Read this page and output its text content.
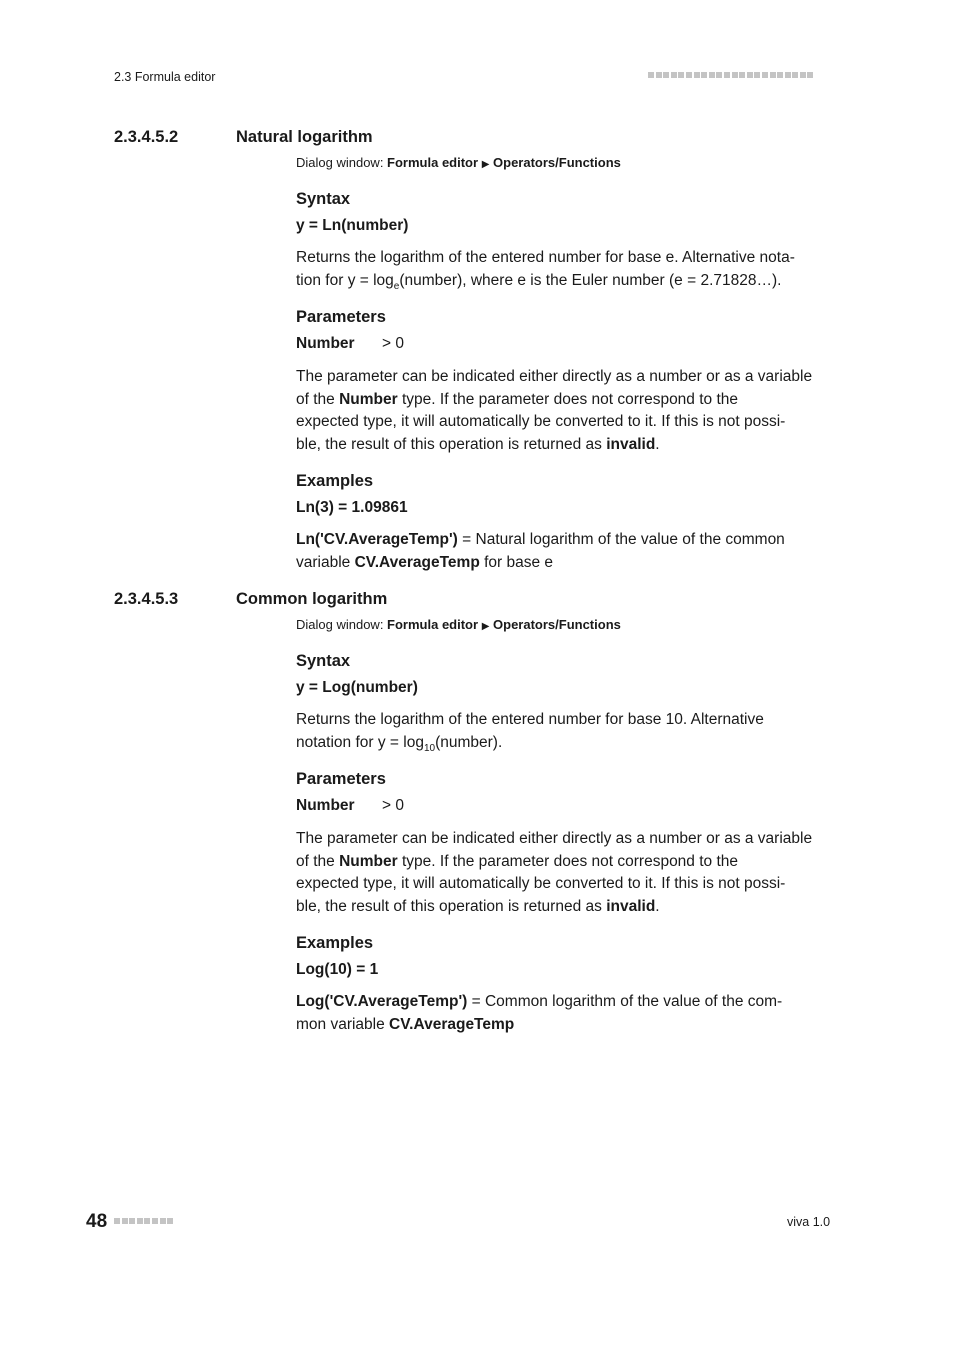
2.3 Formula editor
2.3.4.5.2	Natural logarithm
Dialog window: Formula editor ▶ Operators/Functions
Syntax
y = Ln(number)
Returns the logarithm of the entered number for base e. Alternative nota-
tion for $y = \log_e(number)$, where e is the Euler number (e = 2.71828…).
Parameters
Number	> 0
The parameter can be indicated either directly as a number or as a variable
of the Number type. If the parameter does not correspond to the
expected type, it will automatically be converted to it. If this is not possi-
ble, the result of this operation is returned as invalid.
Examples
Ln(3) = 1.09861
Ln('CV.AverageTemp') = Natural logarithm of the value of the common
variable CV.AverageTemp for base e
2.3.4.5.3	Common logarithm
Dialog window: Formula editor ▶ Operators/Functions
Syntax
y = Log(number)
Returns the logarithm of the entered number for base 10. Alternative
notation for $y = \log_{10}(number)$.
Parameters
Number	> 0
The parameter can be indicated either directly as a number or as a variable
of the Number type. If the parameter does not correspond to the
expected type, it will automatically be converted to it. If this is not possi-
ble, the result of this operation is returned as invalid.
Examples
Log(10) = 1
Log('CV.AverageTemp') = Common logarithm of the value of the com-
mon variable CV.AverageTemp
48	viva 1.0
